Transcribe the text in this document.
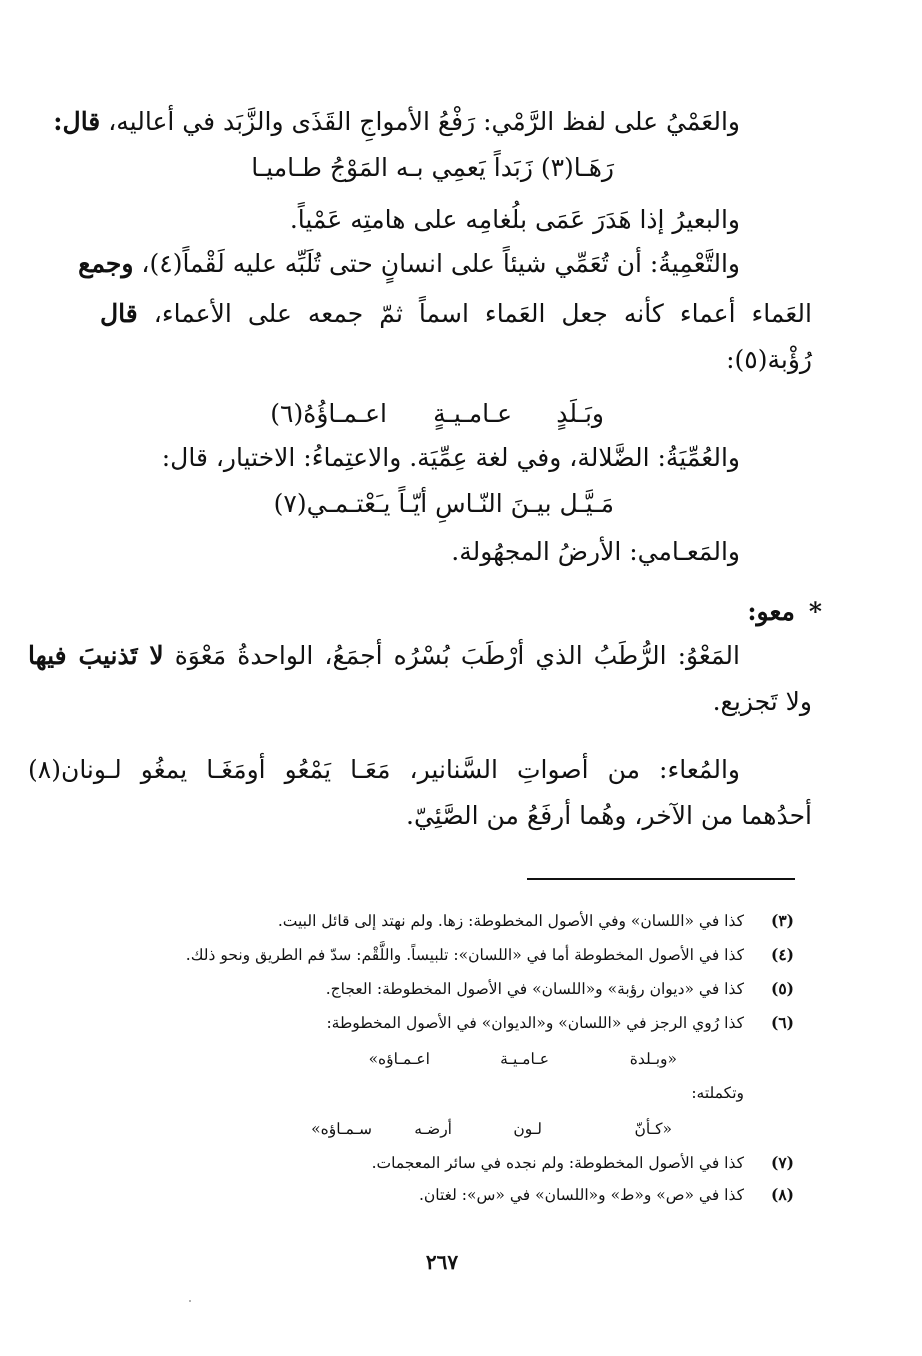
والعَمْيُ على لفظ الرَّمْي: رَفْعُ الأمواجِ القَذَى والزَّبَد في أعاليه، قال:
رَهَـا(٣) زَبَداً يَعمِي بـه المَوْجُ طـاميـا
والبعيرُ إذا هَدَرَ عَمَى بلُغامِه على هامتِه عَمْياً.
والتَّعْمِيةُ: أن تُعَمِّي شيئاً على انسانٍ حتى تُلَبِّه عليه لَقْماً(٤)، وجمع
العَماء أعماء كأنه جعل العَماء اسماً ثمّ جمعه على الأعماء، قال
رُؤْبة(٥):
وبَـلَدٍ
عـامـيـةٍ
اعـمـاؤُهُ(٦)
والعُمِّيَةُ: الضَّلالة، وفي لغة عِمِّيَة. والاعتِماءُ: الاختيار، قال:
مَـيَّـل بيـنَ النّـاسِ أيّـاً يـَعْتـمـي(٧)
والمَعـامي: الأرضُ المجهُولة.
*معو:
المَعْوُ: الرُّطَبُ الذي أرْطَبَ بُسْرُه أجمَعُ، الواحدةُ مَعْوَة لا تَذنيبَ فيها
ولا تَجزيع.
والمُعاء: من أصواتِ السَّنانير، مَعَـا يَمْعُو أومَغَـا يمغُو لـونان(٨)
أحدُهما من الآخر، وهُما أرفَعُ من الصَّئِيّ.
(٣)
كذا في «اللسان» وفي الأصول المخطوطة: زها. ولم نهتد إلى قائل البيت.
(٤)
كذا في الأصول المخطوطة أما في «اللسان»: تلبيساً. واللَّقْم: سدّ فم الطريق ونحو ذلك.
(٥)
كذا في «ديوان رؤبة» و«اللسان» في الأصول المخطوطة: العجاج.
(٦)
كذا رُوي الرجز في «اللسان» و«الديوان» في الأصول المخطوطة:
«وبـلدة
عـامـيـة
اعـمـاؤه»
وتكملته:
«كـأنّ
لـون
أرضـه
سـمـاؤه»
(٧)
كذا في الأصول المخطوطة: ولم نجده في سائر المعجمات.
(٨)
كذا في «ص» و«ط» و«اللسان» في «س»: لغتان.
٢٦٧
